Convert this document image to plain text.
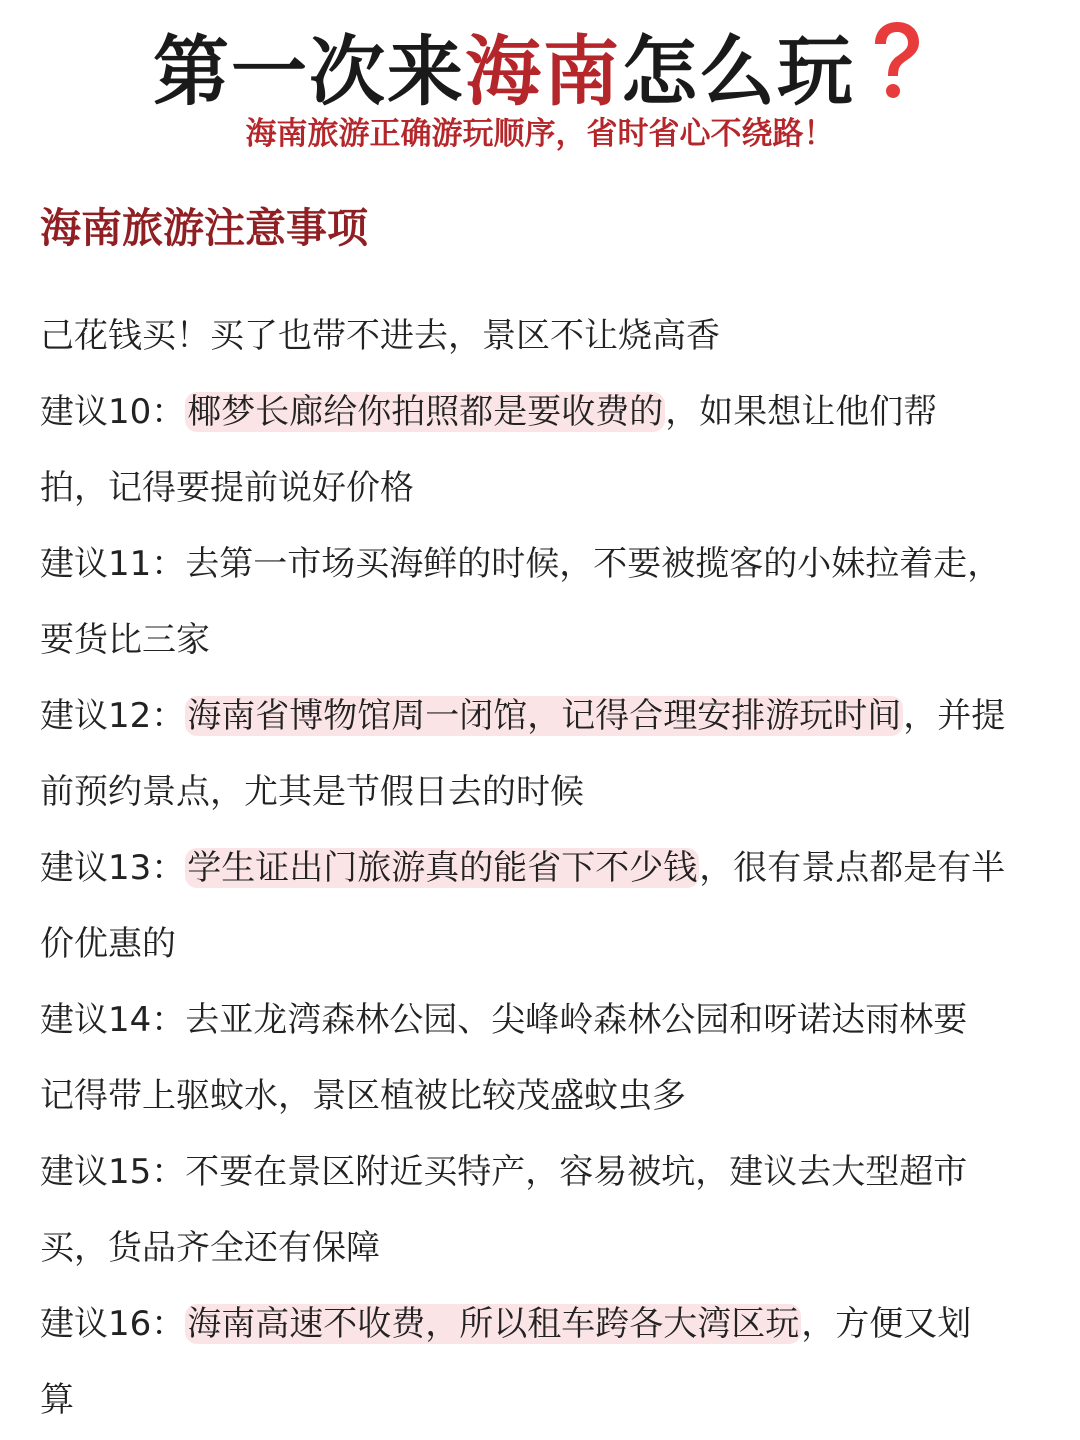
第一次来海南怎么玩
海南旅游正确游玩顺序，省时省心不绕路！
海南旅游注意事项
己花钱买！买了也带不进去，景区不让烧高香
建议10：椰梦长廊给你拍照都是要收费的，如果想让他们帮
拍，记得要提前说好价格
建议11：去第一市场买海鲜的时候，不要被揽客的小妹拉着走，
要货比三家
建议12：海南省博物馆周一闭馆，记得合理安排游玩时间，并提
前预约景点，尤其是节假日去的时候
建议13：学生证出门旅游真的能省下不少钱，很有景点都是有半
价优惠的
建议14：去亚龙湾森林公园、尖峰岭森林公园和呀诺达雨林要
记得带上驱蚊水，景区植被比较茂盛蚊虫多
建议15：不要在景区附近买特产，容易被坑，建议去大型超市
买，货品齐全还有保障
建议16：海南高速不收费，所以租车跨各大湾区玩，方便又划
算
